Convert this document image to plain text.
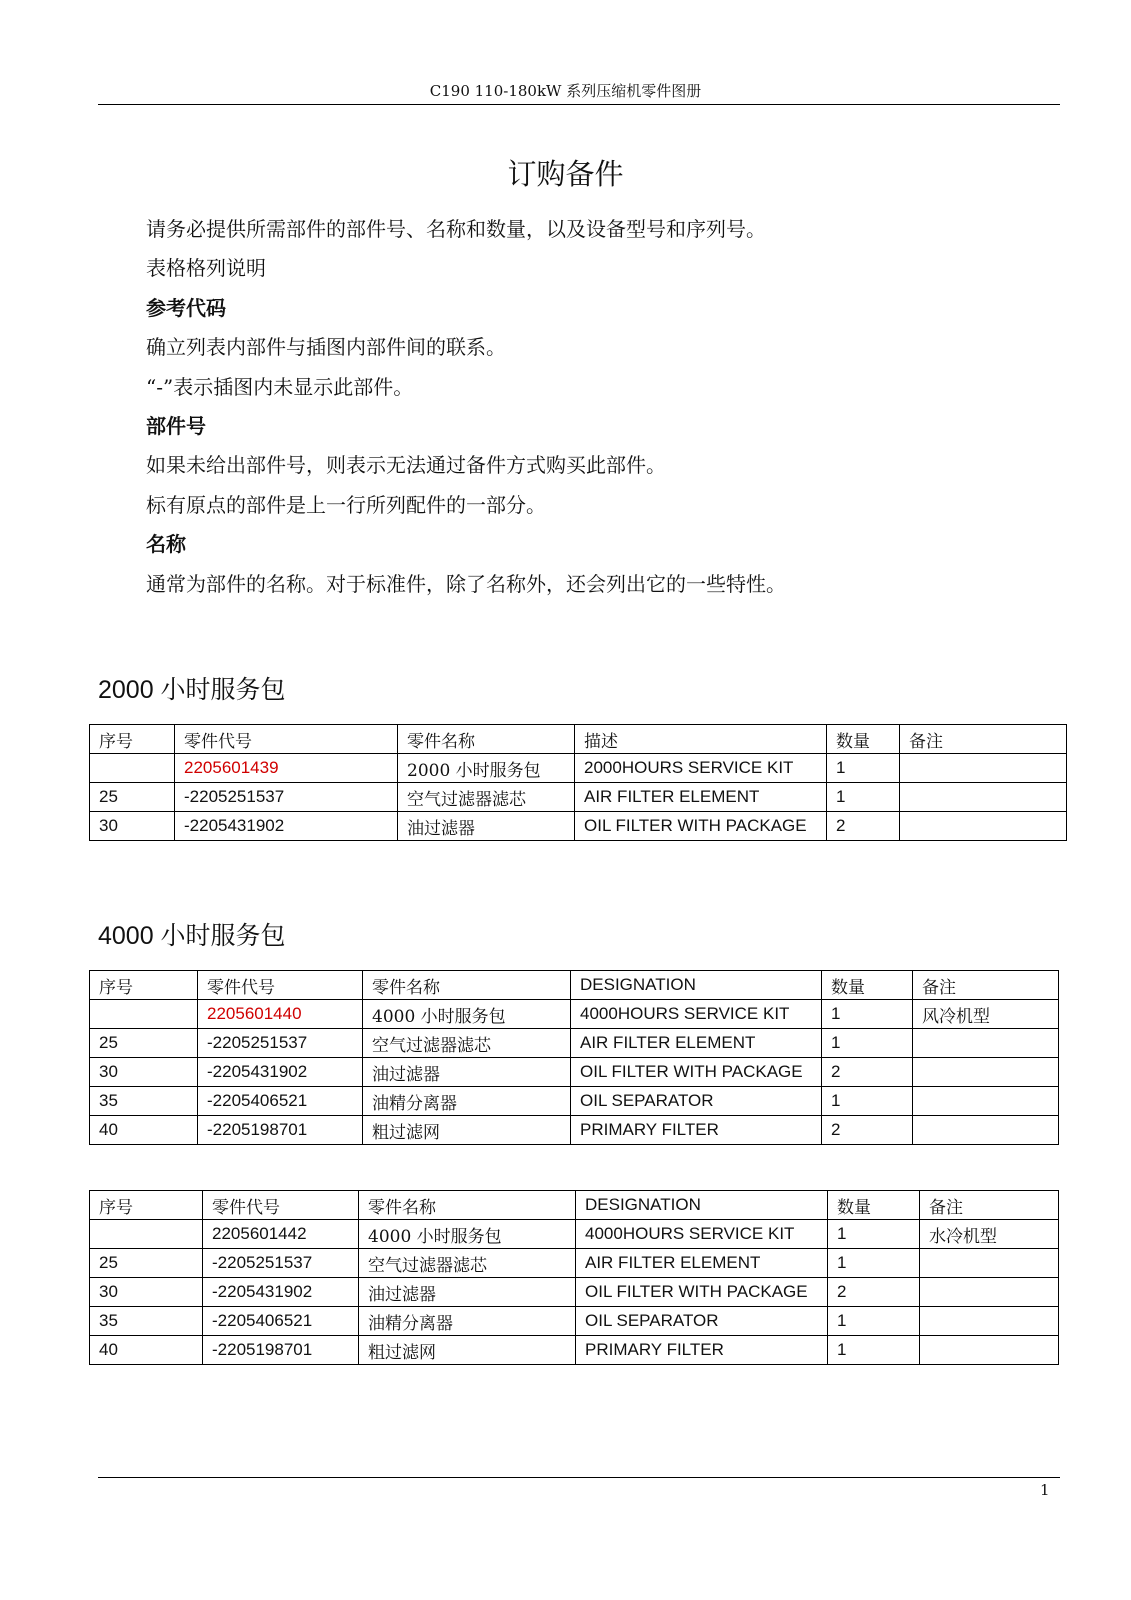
C190 110-180kW 系列压缩机零件图册
订购备件

请务必提供所需部件的部件号、名称和数量，以及设备型号和序列号。

表格格列说明

参考代码

确立列表内部件与插图内部件间的联系。

“-”表示插图内未显示此部件。

部件号

如果未给出部件号，则表示无法通过备件方式购买此部件。

标有原点的部件是上一行所列配件的一部分。

名称

通常为部件的名称。对于标准件，除了名称外，还会列出它的一些特性。

2000 小时服务包
序号	零件代号	零件名称	描述	数量	备注
	2205601439	2000 小时服务包	2000HOURS SERVICE KIT	1	
25	-2205251537	空气过滤器滤芯	AIR FILTER ELEMENT	1	
30	-2205431902	油过滤器	OIL FILTER WITH PACKAGE	2	
4000 小时服务包
序号	零件代号	零件名称	DESIGNATION	数量	备注
	2205601440	4000 小时服务包	4000HOURS SERVICE KIT	1	风冷机型
25	-2205251537	空气过滤器滤芯	AIR FILTER ELEMENT	1	
30	-2205431902	油过滤器	OIL FILTER WITH PACKAGE	2	
35	-2205406521	油精分离器	OIL SEPARATOR	1	
40	-2205198701	粗过滤网	PRIMARY FILTER	2	
序号	零件代号	零件名称	DESIGNATION	数量	备注
	2205601442	4000 小时服务包	4000HOURS SERVICE KIT	1	水冷机型
25	-2205251537	空气过滤器滤芯	AIR FILTER ELEMENT	1	
30	-2205431902	油过滤器	OIL FILTER WITH PACKAGE	2	
35	-2205406521	油精分离器	OIL SEPARATOR	1	
40	-2205198701	粗过滤网	PRIMARY FILTER	1	
1
